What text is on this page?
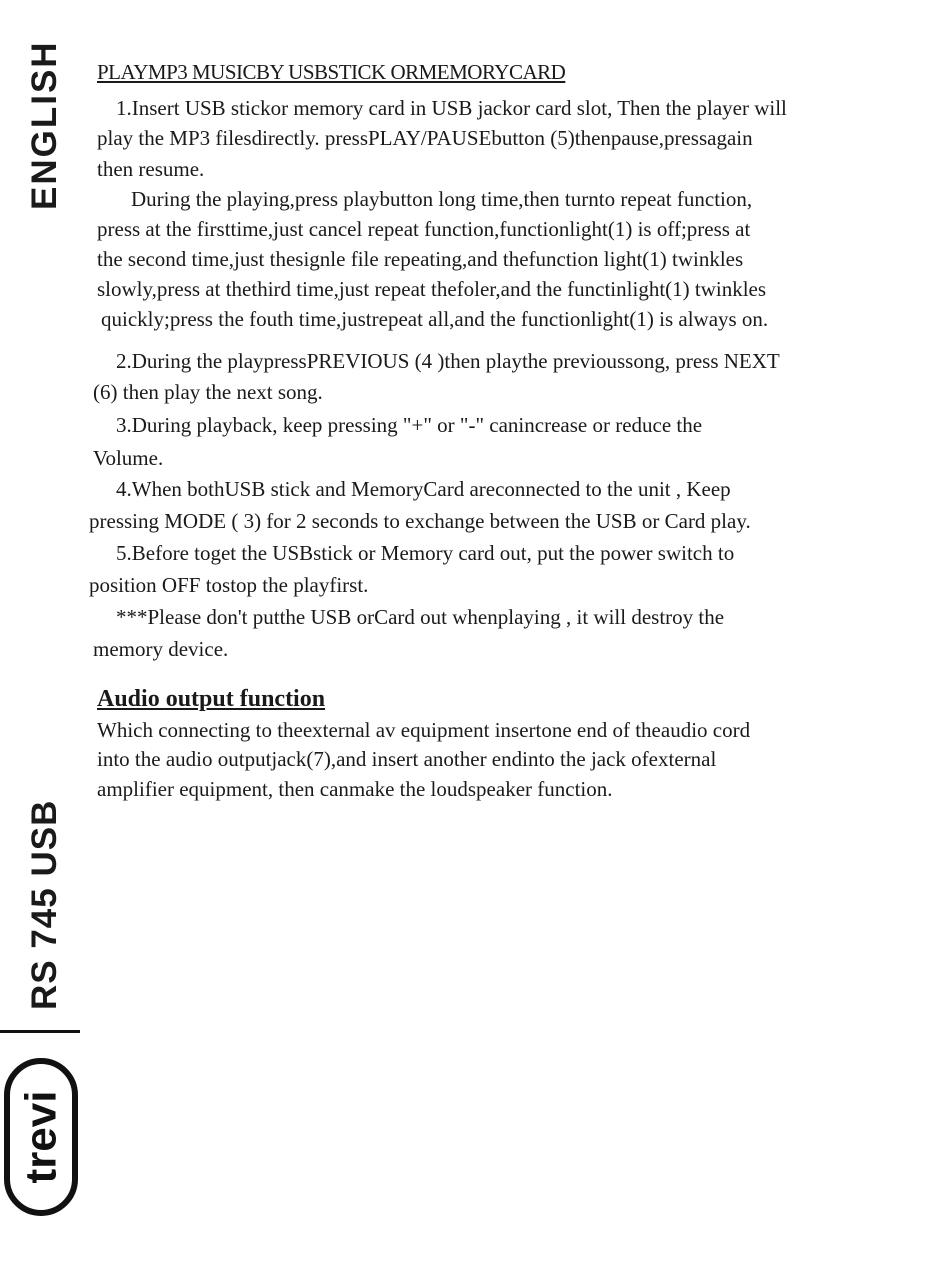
ENGLISH
RS 745 USB
trevi
PLAYMP3 MUSICBY USBSTICK ORMEMORYCARD
1.Insert USB stickor memory card in USB jackor card slot, Then the player will
play the MP3 filesdirectly. pressPLAY/PAUSEbutton (5)thenpause,pressagain
then resume.
During the playing,press playbutton long time,then turnto repeat function,
press at the firsttime,just cancel repeat function,functionlight(1) is off;press at
the second time,just thesignle file repeating,and thefunction light(1) twinkles
slowly,press at thethird time,just repeat thefoler,and the functinlight(1) twinkles
quickly;press the fouth time,justrepeat all,and the functionlight(1) is always on.
2.During the playpressPREVIOUS (4 )then playthe previoussong, press NEXT
(6) then play the next song.
3.During playback, keep pressing "+" or "-" canincrease or reduce the
Volume.
4.When bothUSB stick and MemoryCard areconnected to the unit , Keep
pressing MODE ( 3) for 2 seconds to exchange between the USB or Card play.
5.Before toget the USBstick or Memory card out, put the power switch to
position OFF tostop the playfirst.
***Please don't putthe USB orCard out whenplaying , it will destroy the
memory device.
Audio output function
Which connecting to theexternal av equipment insertone end of theaudio cord
into the audio outputjack(7),and insert another endinto the jack ofexternal
amplifier equipment, then canmake the loudspeaker function.
